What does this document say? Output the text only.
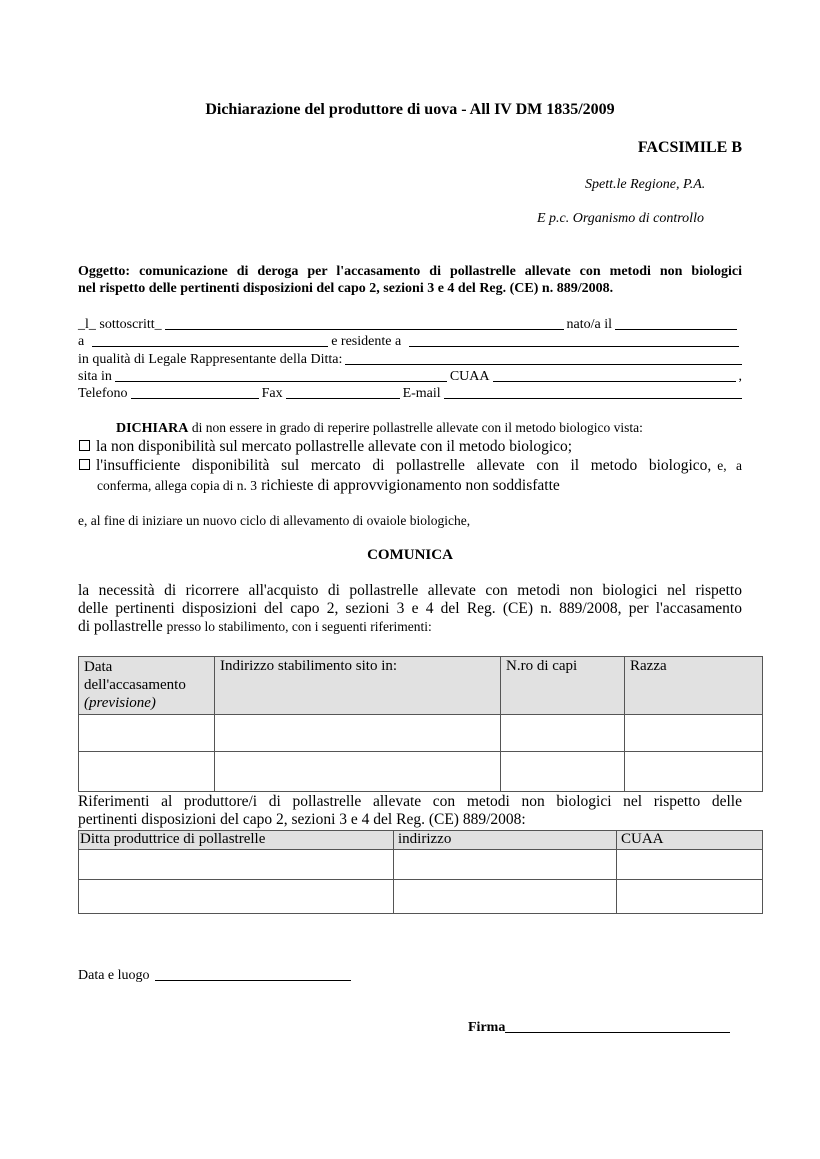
Dichiarazione del produttore di uova - All IV DM 1835/2009
FACSIMILE B
Spett.le Regione, P.A.
E p.c. Organismo di controllo
Oggetto: comunicazione di deroga per l'accasamento di pollastrelle allevate con metodi non biologici
nel rispetto delle pertinenti disposizioni del capo 2, sezioni 3 e 4 del Reg. (CE) n. 889/2008.
_l_ sottoscritt_	nato/a il
a	e residente a
in qualità di Legale Rappresentante della Ditta:
sita in	CUAA	,
Telefono	Fax	E-mail
DICHIARA di non essere in grado di reperire pollastrelle allevate con il metodo biologico vista:
la non disponibilità sul mercato pollastrelle allevate con il metodo biologico;
l'insufficiente disponibilità sul mercato di pollastrelle allevate con il metodo biologico, e, a
conferma, allega copia di n. 3 richieste di approvvigionamento non soddisfatte
e, al fine di iniziare un nuovo ciclo di allevamento di ovaiole biologiche,
COMUNICA
la necessità di ricorrere all'acquisto di pollastrelle allevate con metodi non biologici nel rispetto
delle pertinenti disposizioni del capo 2, sezioni 3 e 4 del Reg. (CE) n. 889/2008, per l'accasamento
di pollastrelle presso lo stabilimento, con i seguenti riferimenti:
Data
dell'accasamento
(previsione)	Indirizzo stabilimento sito in:	N.ro di capi	Razza

Riferimenti al produttore/i di pollastrelle allevate con metodi non biologici nel rispetto delle
pertinenti disposizioni del capo 2, sezioni 3 e 4 del Reg. (CE) 889/2008:
Ditta produttrice di pollastrelle	indirizzo	CUAA

Data e luogo
Firma
